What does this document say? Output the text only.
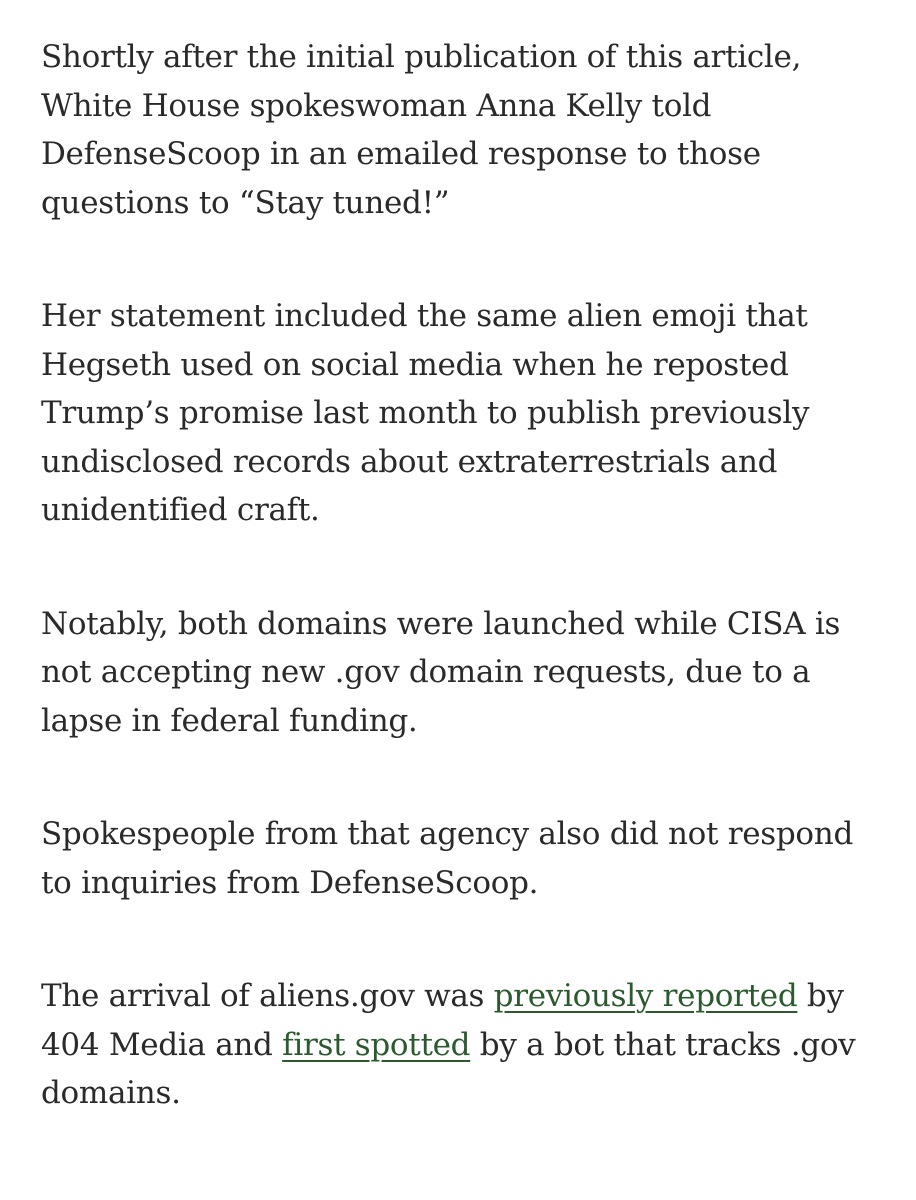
Shortly after the initial publication of this article, White House spokeswoman Anna Kelly told DefenseScoop in an emailed response to those questions to “Stay tuned!”

Her statement included the same alien emoji that Hegseth used on social media when he reposted Trump’s promise last month to publish previously undisclosed records about extraterrestrials and unidentified craft.

Notably, both domains were launched while CISA is not accepting new .gov domain requests, due to a lapse in federal funding.

Spokespeople from that agency also did not respond to inquiries from DefenseScoop.

The arrival of aliens.gov was previously reported by 404 Media and first spotted by a bot that tracks .gov domains.
